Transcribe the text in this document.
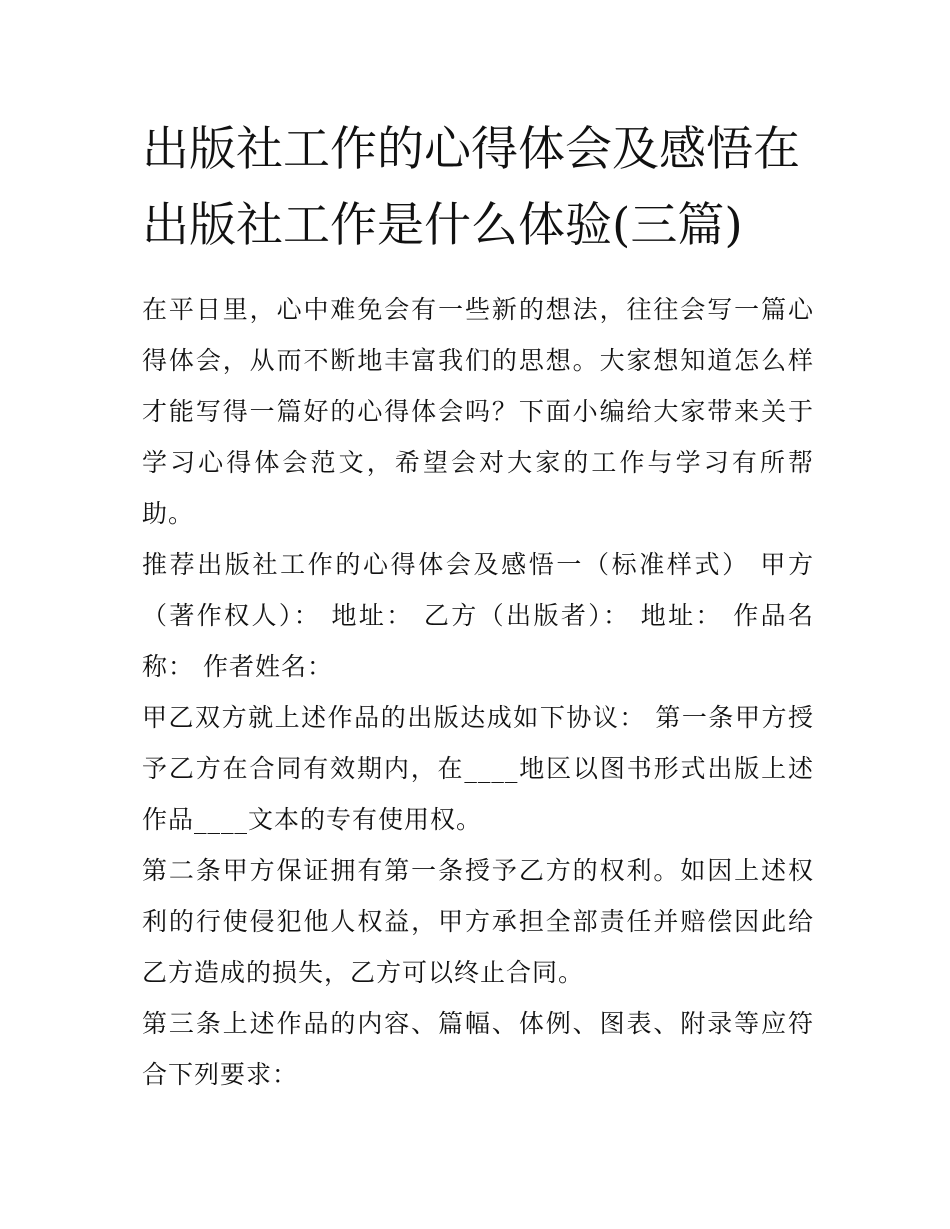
出版社工作的心得体会及感悟在出版社工作是什么体验(三篇)

在平日里，心中难免会有一些新的想法，往往会写一篇心得体会，从而不断地丰富我们的思想。大家想知道怎么样才能写得一篇好的心得体会吗？下面小编给大家带来关于学习心得体会范文，希望会对大家的工作与学习有所帮助。

推荐出版社工作的心得体会及感悟一（标准样式） 甲方（著作权人）： 地址： 乙方（出版者）： 地址： 作品名称： 作者姓名：

甲乙双方就上述作品的出版达成如下协议： 第一条甲方授予乙方在合同有效期内，在____地区以图书形式出版上述作品____文本的专有使用权。

第二条甲方保证拥有第一条授予乙方的权利。如因上述权利的行使侵犯他人权益，甲方承担全部责任并赔偿因此给乙方造成的损失，乙方可以终止合同。

第三条上述作品的内容、篇幅、体例、图表、附录等应符合下列要求：
